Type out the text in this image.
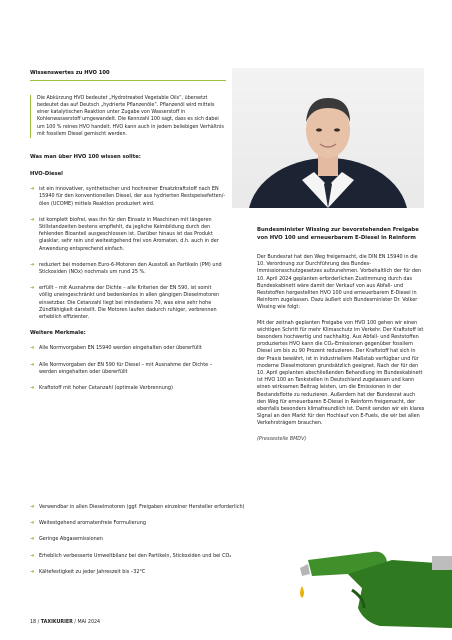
Wissenswertes zu HVO 100
Die Abkürzung HVO bedeutet „Hydrotreated Vegetable Oils“, übersetzt bedeutet das auf Deutsch „hydrierte Pflanzenöle“. Pflanzenöl wird mittels einer katalytischen Reaktion unter Zugabe von Wasserstoff in Kohlenwasserstoff umgewandelt. Die Kennzahl 100 sagt, dass es sich dabei um 100 % reines HVO handelt. HVO kann auch in jedem beliebigen Verhältnis mit fossilem Diesel gemischt werden.
Was man über HVO 100 wissen sollte:
HVO-Diesel
➔ ist ein innovativer, synthetischer und hochreiner Ersatzkraftstoff nach EN 15940 für den konventionellen Diesel, der aus hydrierten Restspeisefetten/-ölen (UCOME) mittels Reaktion produziert wird.
➔ ist komplett biofrei, was ihn für den Einsatz in Maschinen mit längeren Stillstandzeiten bestens empfiehlt, da jegliche Keimbildung durch den fehlenden Bioanteil ausgeschlossen ist. Darüber hinaus ist das Produkt glasklar, sehr rein und weitestgehend frei von Aromaten, d.h. auch in der Anwendung entsprechend einfach.
➔ reduziert bei modernen Euro-6-Motoren den Ausstoß an Partikeln (PM) und Stickoxiden (NOx) nochmals um rund 25 %.
➔ erfüllt – mit Ausnahme der Dichte – alle Kriterien der EN 590, ist somit völlig uneingeschränkt und bedenkenlos in allen gängigen Dieselmotoren einsetzbar. Die Cetanzahl liegt bei mindestens 70, was eine sehr hohe Zündfähigkeit darstellt. Die Motoren laufen dadurch ruhiger, verbrennen erheblich effizienter.
Weitere Merkmale:
➔ Alle Normvorgaben EN 15940 werden eingehalten oder übererfüllt
➔ Alle Normvorgaben der EN 590 für Diesel – mit Ausnahme der Dichte – werden eingehalten oder übererfüllt
➔ Kraftstoff mit hoher Cetanzahl (optimale Verbrennung)
➔ Verwendbar in allen Dieselmotoren (ggf. Freigaben einzelner Hersteller erforderlich)
➔ Weitestgehend aromatenfreie Formulierung
➔ Geringe Abgasemissionen
➔ Erheblich verbesserte Umweltbilanz bei den Partikeln, Stickoxiden und bei CO₂
➔ Kältefestigkeit zu jeder Jahreszeit bis –32°C
Bundesminister Wissing zur bevorstehenden Freigabe von HVO 100 und erneuerbarem E-Diesel in Reinform

Der Bundesrat hat den Weg freigemacht, die DIN EN 15940 in die 10. Verordnung zur Durchführung des Bundes-Immissionsschutzgesetzes aufzunehmen. Vorbehaltlich der für den 10. April 2024 geplanten erforderlichen Zustimmung durch das Bundeskabinett wäre damit der Verkauf von aus Abfall- und Reststoffen hergestellten HVO 100 und erneuerbarem E-Diesel in Reinform zugelassen. Dazu äußert sich Bundesminister Dr. Volker Wissing wie folgt:

Mit der zeitnah geplanten Freigabe von HVO 100 gehen wir einen wichtigen Schritt für mehr Klimaschutz im Verkehr. Der Kraftstoff ist besonders hochwertig und nachhaltig. Aus Abfall- und Reststoffen produziertes HVO kann die CO₂-Emissionen gegenüber fossilem Diesel um bis zu 90 Prozent reduzieren. Der Kraftstoff hat sich in der Praxis bewährt, ist in industriellem Maßstab verfügbar und für moderne Dieselmotoren grundsätzlich geeignet. Nach der für den 10. April geplanten abschließenden Behandlung im Bundeskabinett ist HVO 100 an Tankstellen in Deutschland zugelassen und kann einen wirksamen Beitrag leisten, um die Emissionen in der Bestandsflotte zu reduzieren. Außerdem hat der Bundesrat auch den Weg für erneuerbaren E-Diesel in Reinform freigemacht, der ebenfalls besonders klimafreundlich ist. Damit senden wir ein klares Signal an den Markt für den Hochlauf von E-Fuels, die wir bei allen Verkehrsträgern brauchen.

(Pressestelle BMDV)

18 / TAXIKURIER / MAI 2024
